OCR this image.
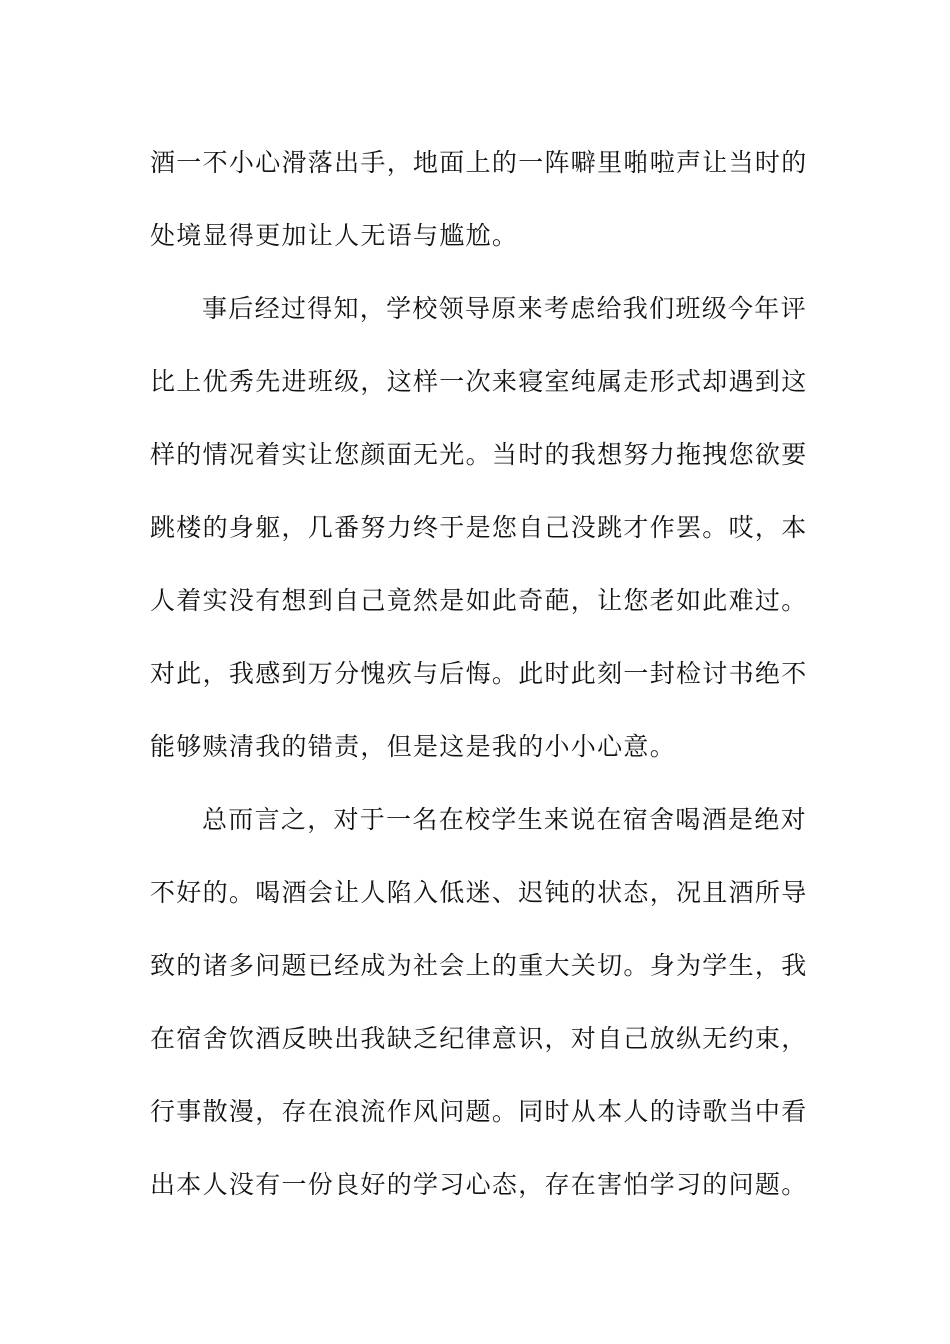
酒一不小心滑落出手，地面上的一阵噼里啪啦声让当时的
处境显得更加让人无语与尴尬。
事后经过得知，学校领导原来考虑给我们班级今年评
比上优秀先进班级，这样一次来寝室纯属走形式却遇到这
样的情况着实让您颜面无光。当时的我想努力拖拽您欲要
跳楼的身躯，几番努力终于是您自己没跳才作罢。哎，本
人着实没有想到自己竟然是如此奇葩，让您老如此难过。
对此，我感到万分愧疚与后悔。此时此刻一封检讨书绝不
能够赎清我的错责，但是这是我的小小心意。
总而言之，对于一名在校学生来说在宿舍喝酒是绝对
不好的。喝酒会让人陷入低迷、迟钝的状态，况且酒所导
致的诸多问题已经成为社会上的重大关切。身为学生，我
在宿舍饮酒反映出我缺乏纪律意识，对自己放纵无约束，
行事散漫，存在浪流作风问题。同时从本人的诗歌当中看
出本人没有一份良好的学习心态，存在害怕学习的问题。
